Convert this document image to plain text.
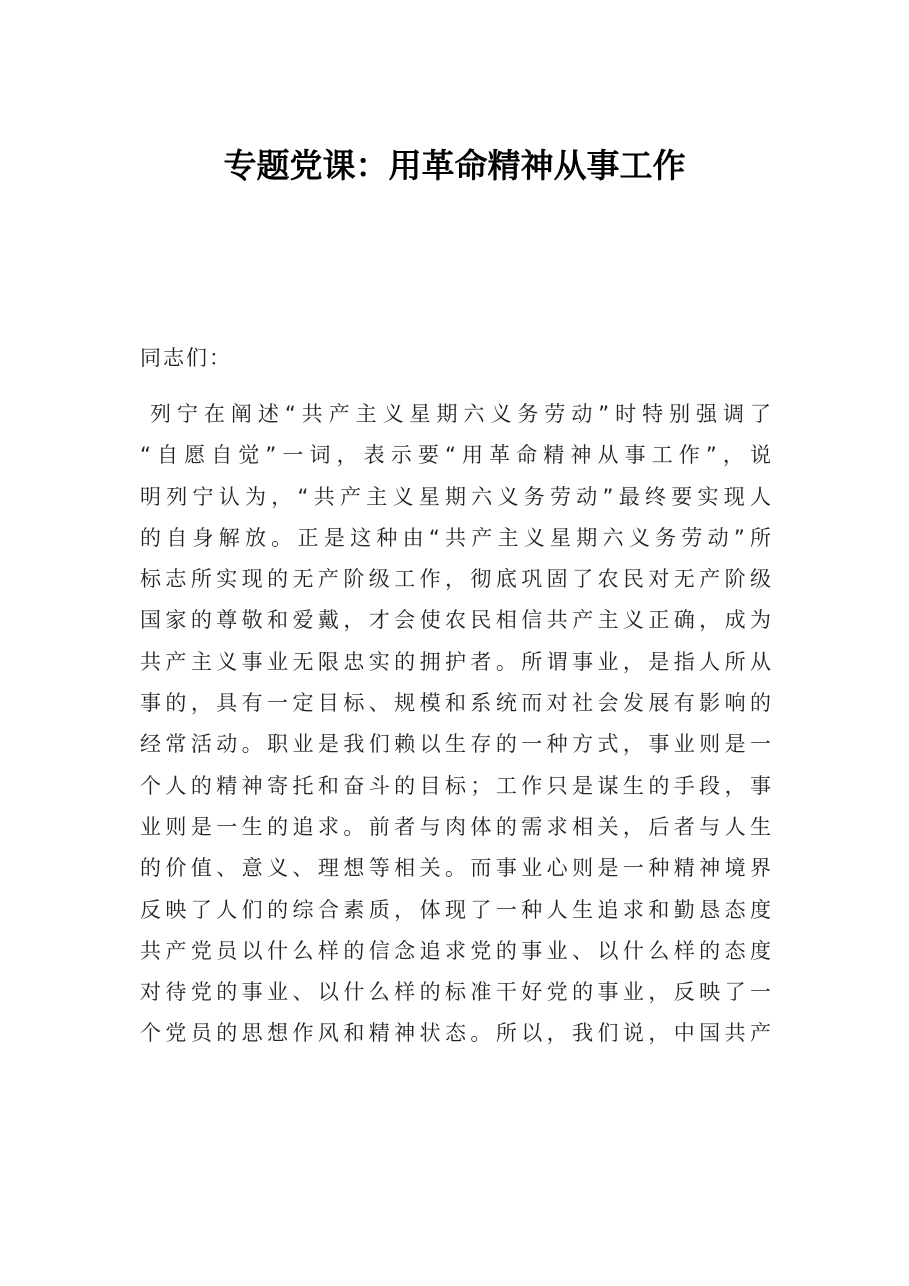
专题党课：用革命精神从事工作
同志们：
列宁在阐述“共产主义星期六义务劳动”时特别强调了
“自愿自觉”一词，表示要“用革命精神从事工作”，说
明列宁认为，“共产主义星期六义务劳动”最终要实现人
的自身解放。正是这种由“共产主义星期六义务劳动”所
标志所实现的无产阶级工作，彻底巩固了农民对无产阶级
国家的尊敬和爱戴，才会使农民相信共产主义正确，成为
共产主义事业无限忠实的拥护者。所谓事业，是指人所从
事的，具有一定目标、规模和系统而对社会发展有影响的
经常活动。职业是我们赖以生存的一种方式，事业则是一
个人的精神寄托和奋斗的目标；工作只是谋生的手段，事
业则是一生的追求。前者与肉体的需求相关，后者与人生
的价值、意义、理想等相关。而事业心则是一种精神境界
反映了人们的综合素质，体现了一种人生追求和勤恳态度
共产党员以什么样的信念追求党的事业、以什么样的态度
对待党的事业、以什么样的标准干好党的事业，反映了一
个党员的思想作风和精神状态。所以，我们说，中国共产
